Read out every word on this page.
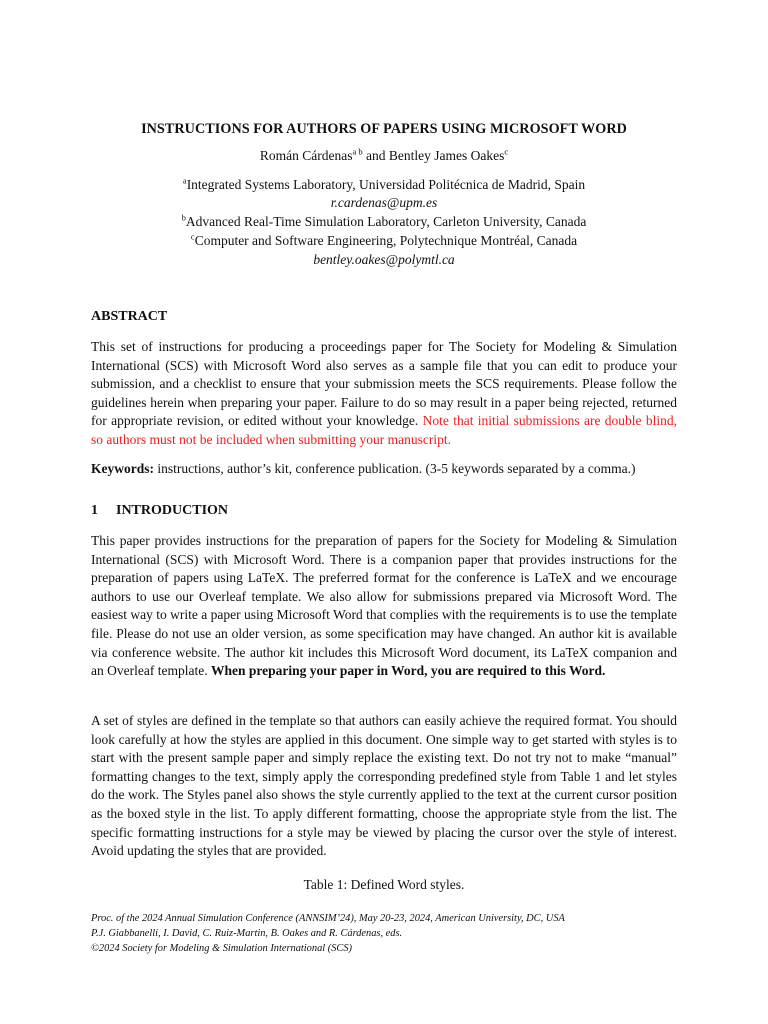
INSTRUCTIONS FOR AUTHORS OF PAPERS USING MICROSOFT WORD
Román Cárdenas$^{a b}$ and Bentley James Oakes$^c$
$^a$Integrated Systems Laboratory, Universidad Politécnica de Madrid, Spain
r.cardenas@upm.es
$^b$Advanced Real-Time Simulation Laboratory, Carleton University, Canada
$^c$Computer and Software Engineering, Polytechnique Montréal, Canada
bentley.oakes@polymtl.ca
ABSTRACT

This set of instructions for producing a proceedings paper for The Society for Modeling & Simulation International (SCS) with Microsoft Word also serves as a sample file that you can edit to produce your submission, and a checklist to ensure that your submission meets the SCS requirements. Please follow the guidelines herein when preparing your paper. Failure to do so may result in a paper being rejected, returned for appropriate revision, or edited without your knowledge. Note that initial submissions are double blind, so authors must not be included when submitting your manuscript.

Keywords: instructions, author’s kit, conference publication. (3-5 keywords separated by a comma.)

1 INTRODUCTION

This paper provides instructions for the preparation of papers for the Society for Modeling & Simulation International (SCS) with Microsoft Word. There is a companion paper that provides instructions for the preparation of papers using LaTeX. The preferred format for the conference is LaTeX and we encourage authors to use our Overleaf template. We also allow for submissions prepared via Microsoft Word. The easiest way to write a paper using Microsoft Word that complies with the requirements is to use the template file. Please do not use an older version, as some specification may have changed. An author kit is available via conference website. The author kit includes this Microsoft Word document, its LaTeX companion and an Overleaf template. When preparing your paper in Word, you are required to this Word.

A set of styles are defined in the template so that authors can easily achieve the required format. You should look carefully at how the styles are applied in this document. One simple way to get started with styles is to start with the present sample paper and simply replace the existing text. Do not try not to make “manual” formatting changes to the text, simply apply the corresponding predefined style from Table 1 and let styles do the work. The Styles panel also shows the style currently applied to the text at the current cursor position as the boxed style in the list. To apply different formatting, choose the appropriate style from the list. The specific formatting instructions for a style may be viewed by placing the cursor over the style of interest. Avoid updating the styles that are provided.

Table 1: Defined Word styles.
Proc. of the 2024 Annual Simulation Conference (ANNSIM’24), May 20-23, 2024, American University, DC, USA
P.J. Giabbanelli, I. David, C. Ruiz-Martin, B. Oakes and R. Cárdenas, eds.
©2024 Society for Modeling & Simulation International (SCS)
